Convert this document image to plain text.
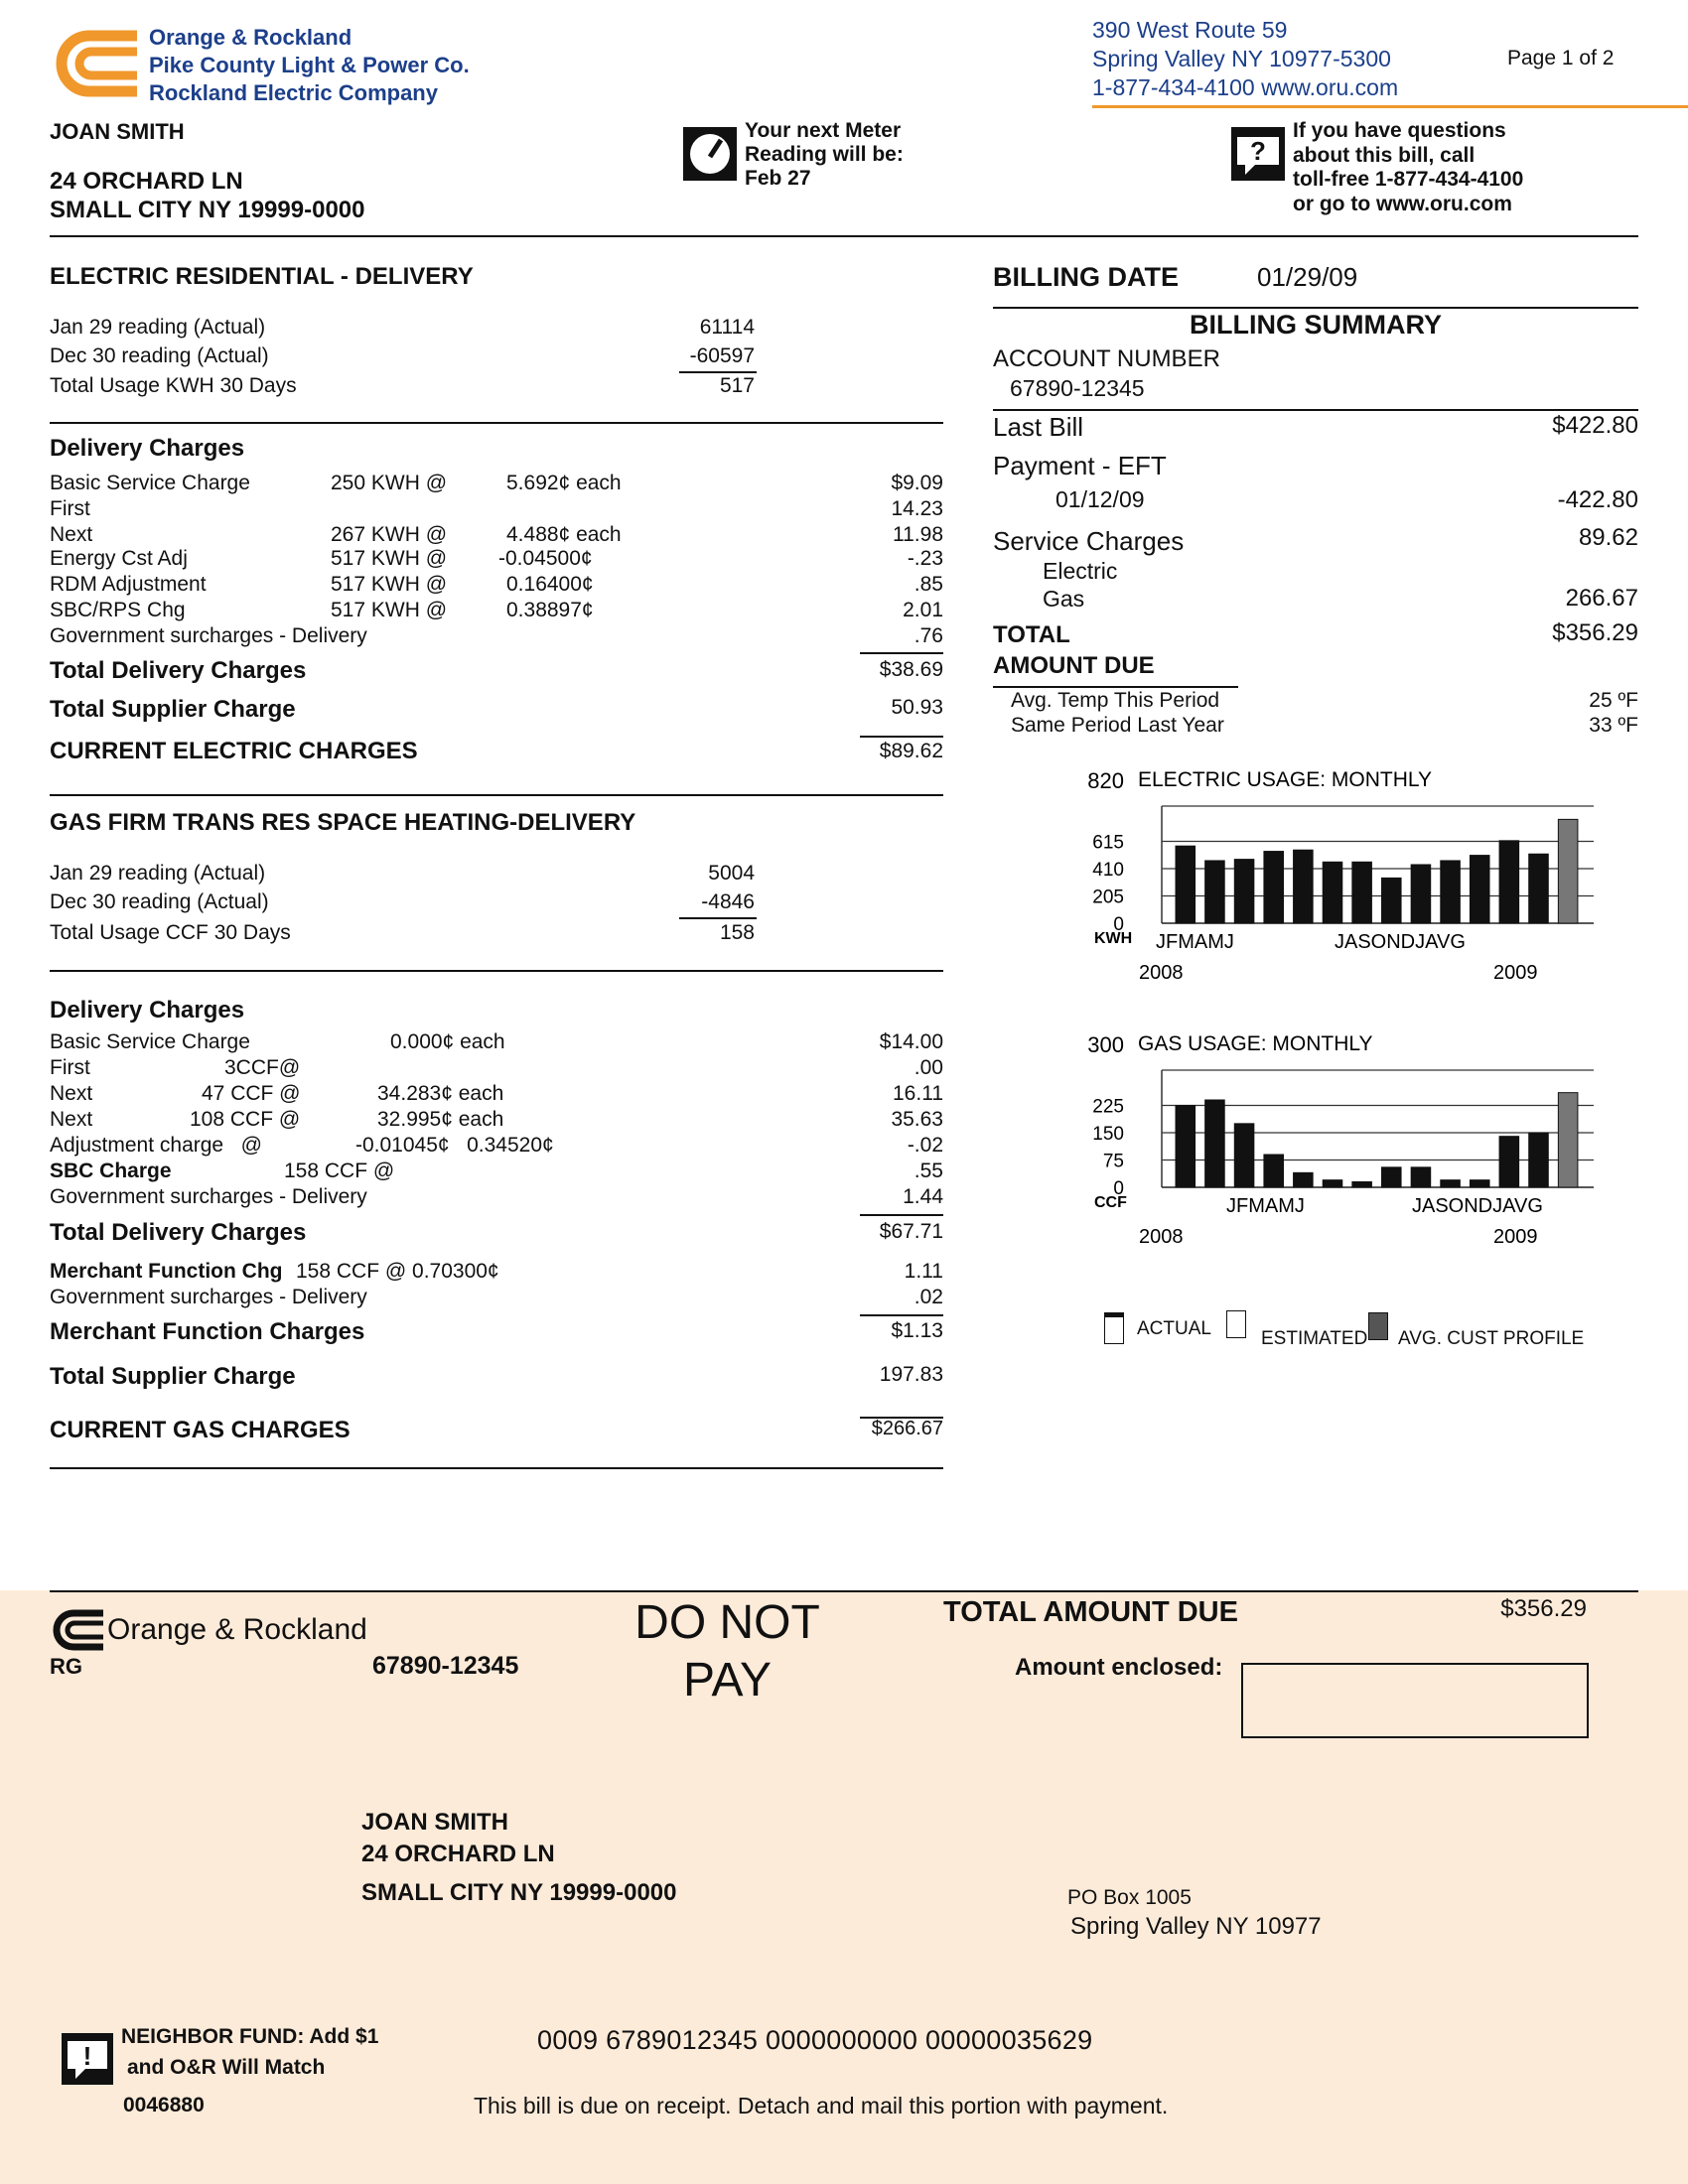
Orange & Rockland
Pike County Light & Power Co.
Rockland Electric Company
390 West Route 59
Spring Valley NY 10977-5300
1-877-434-4100 www.oru.com
Page 1 of 2
JOAN SMITH
24 ORCHARD LN
SMALL CITY NY 19999-0000
Your next Meter
Reading will be:
Feb 27
?
If you have questions
about this bill, call
toll-free 1-877-434-4100
or go to www.oru.com
ELECTRIC RESIDENTIAL - DELIVERY
Jan 29 reading (Actual)	61114
Dec 30 reading (Actual)	-60597
Total Usage KWH 30 Days	517
Delivery Charges
Basic Service Charge	250 KWH @	5.692¢ each	$9.09
First	14.23
Next	267 KWH @	4.488¢ each	11.98
Energy Cst Adj	517 KWH @ -0.04500¢	-.23
RDM Adjustment	517 KWH @	0.16400¢	.85
SBC/RPS Chg	517 KWH @	0.38897¢	2.01
Government surcharges - Delivery	.76
Total Delivery Charges	$38.69
Total Supplier Charge	50.93
CURRENT ELECTRIC CHARGES	$89.62
GAS FIRM TRANS RES SPACE HEATING-DELIVERY
Jan 29 reading (Actual)	5004
Dec 30 reading (Actual)	-4846
Total Usage CCF 30 Days	158
Delivery Charges
Basic Service Charge	0.000¢ each	$14.00
First	3CCF@	.00
Next	47 CCF @	34.283¢ each	16.11
Next	108 CCF @	32.995¢ each	35.63
Adjustment charge   @	-0.01045¢   0.34520¢	-.02
SBC Charge	158 CCF @	.55
Government surcharges - Delivery	1.44
Total Delivery Charges	$67.71
Merchant Function Chg 158 CCF @ 0.70300¢	1.11
Government surcharges - Delivery	.02
Merchant Function Charges	$1.13
Total Supplier Charge	197.83
CURRENT GAS CHARGES	$266.67
BILLING DATE	01/29/09
BILLING SUMMARY
ACCOUNT NUMBER
67890-12345
Last Bill	$422.80
Payment - EFT
01/12/09	-422.80
Service Charges	89.62
Electric
Gas	266.67
TOTAL
AMOUNT DUE
$356.29
Avg. Temp This Period	25 ºF
Same Period Last Year	33 ºF
ELECTRIC USAGE: MONTHLY
820
615
410
205
0
KWH JFMAMJ	JASONDJAVG
2008	2009
GAS USAGE: MONTHLY
300
225
150
75
0
CCF	JFMAMJ	JASONDJAVG
2008	2009
ACTUAL	ESTIMATED AVG. CUST PROFILE
Orange & Rockland
RG	67890-12345
DO NOT
PAY
TOTAL AMOUNT DUE	$356.29
Amount enclosed:
JOAN SMITH
24 ORCHARD LN
SMALL CITY NY 19999-0000	PO Box 1005
Spring Valley NY 10977
!
NEIGHBOR FUND: Add $1
and O&R Will Match
0046880
0009 6789012345 0000000000 00000035629
This bill is due on receipt. Detach and mail this portion with payment.
